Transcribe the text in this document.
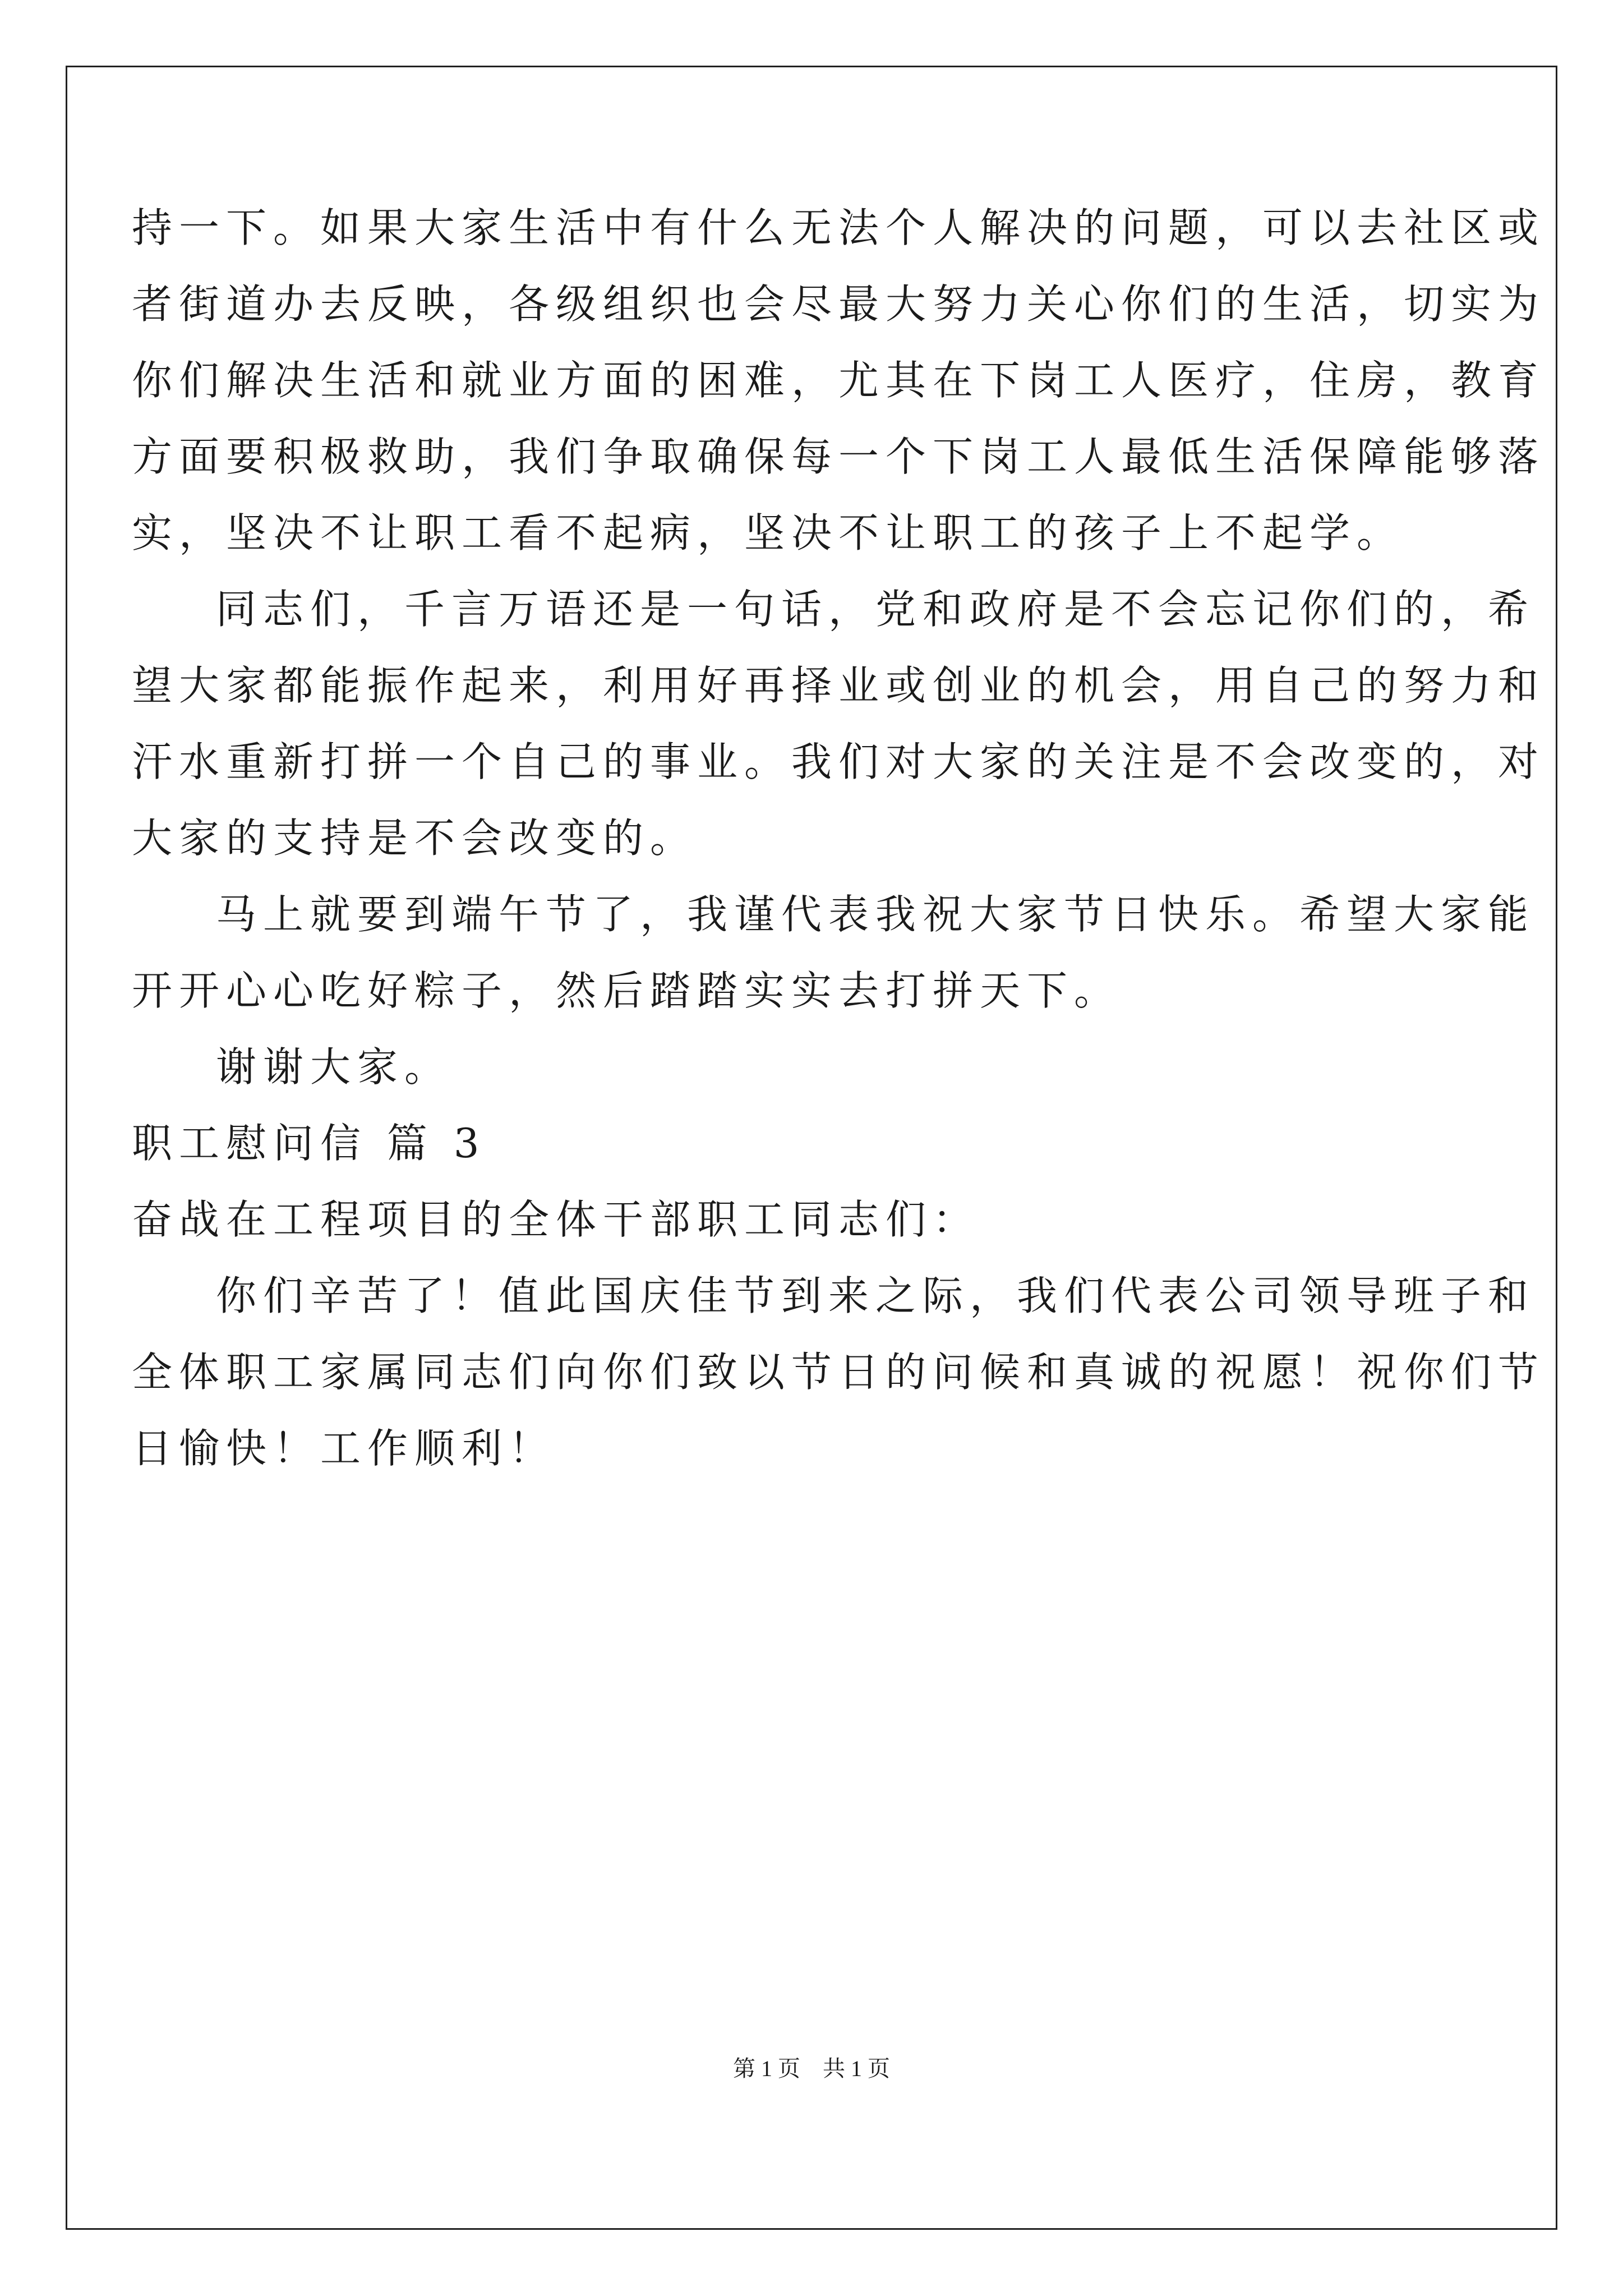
持一下。如果大家生活中有什么无法个人解决的问题，可以去社区或
者街道办去反映，各级组织也会尽最大努力关心你们的生活，切实为
你们解决生活和就业方面的困难，尤其在下岗工人医疗，住房，教育
方面要积极救助，我们争取确保每一个下岗工人最低生活保障能够落
实，坚决不让职工看不起病，坚决不让职工的孩子上不起学。
同志们，千言万语还是一句话，党和政府是不会忘记你们的，希
望大家都能振作起来，利用好再择业或创业的机会，用自己的努力和
汗水重新打拼一个自己的事业。我们对大家的关注是不会改变的，对
大家的支持是不会改变的。
马上就要到端午节了，我谨代表我祝大家节日快乐。希望大家能
开开心心吃好粽子，然后踏踏实实去打拼天下。
谢谢大家。
职工慰问信 篇 3
奋战在工程项目的全体干部职工同志们：
你们辛苦了！值此国庆佳节到来之际，我们代表公司领导班子和
全体职工家属同志们向你们致以节日的问候和真诚的祝愿！祝你们节
日愉快！工作顺利！
第 1 页　共 1 页
